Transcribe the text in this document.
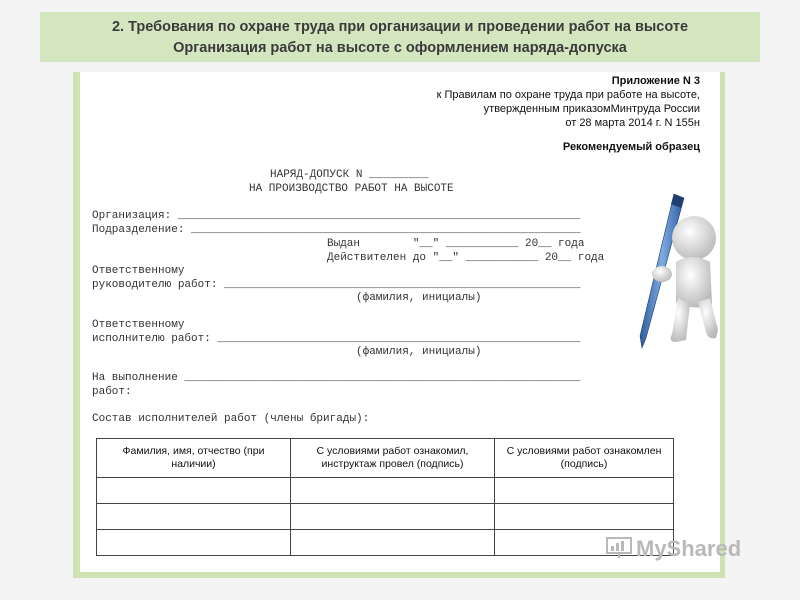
2. Требования по охране труда при организации и проведении работ на высоте
Организация работ на высоте с оформлением наряда-допуска
Приложение N 3
к Правилам по охране труда при работе на высоте,
утвержденным приказомМинтруда России
от 28 марта 2014 г. N 155н
Рекомендуемый образец
НАРЯД-ДОПУСК N _________
НА ПРОИЗВОДСТВО РАБОТ НА ВЫСОТЕ
Организация: _____________________________________________________________
Подразделение: ___________________________________________________________
Выдан        "__" ___________ 20__ года
Действителен до "__" ___________ 20__ года
Ответственному
руководителю работ: ______________________________________________________
(фамилия, инициалы)
Ответственному
исполнителю работ: _______________________________________________________
(фамилия, инициалы)
На выполнение ____________________________________________________________
работ:
Состав исполнителей работ (члены бригады):
Фамилия, имя, отчество (при наличии)	С условиями работ ознакомил, инструктаж провел (подпись)	С условиями работ ознакомлен (подпись)

MyShared
